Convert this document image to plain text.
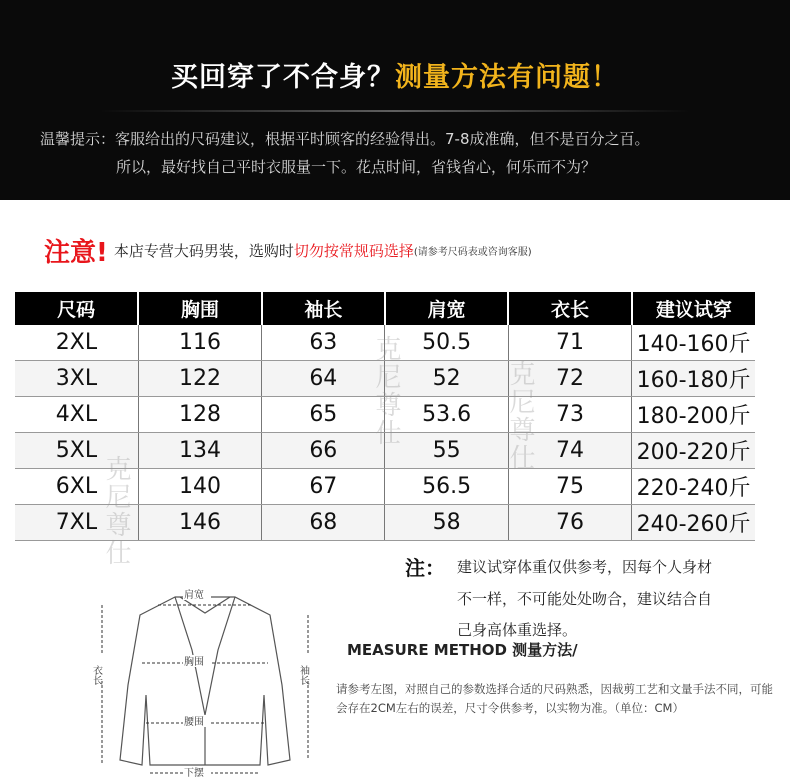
买回穿了不合身？测量方法有问题！
温馨提示：客服给出的尺码建议，根据平时顾客的经验得出。7-8成准确，但不是百分之百。
所以，最好找自己平时衣服量一下。花点时间，省钱省心，何乐而不为？
注意! 本店专营大码男装，选购时切勿按常规码选择(请参考尺码表或咨询客服)
尺码	胸围	袖长	肩宽	衣长	建议试穿
2XL	116	63	50.5	71	140-160斤
3XL	122	64	52	72	160-180斤
4XL	128	65	53.6	73	180-200斤
5XL	134	66	55	74	200-220斤
6XL	140	67	56.5	75	220-240斤
7XL	146	68	58	76	240-260斤
克尼尊仕	克尼尊仕
克尼尊仕
注： 建议试穿体重仅供参考，因每个人身材
不一样，不可能处处吻合，建议结合自
己身高体重选择。
MEASURE METHOD 测量方法/
请参考左图，对照自己的参数选择合适的尺码熟悉，因裁剪工艺和文量手法不同，可能会存在2CM左右的误差，尺寸令供参考，以实物为准。（单位：CM）
肩宽
胸围
腰围
下摆
衣长	袖长
